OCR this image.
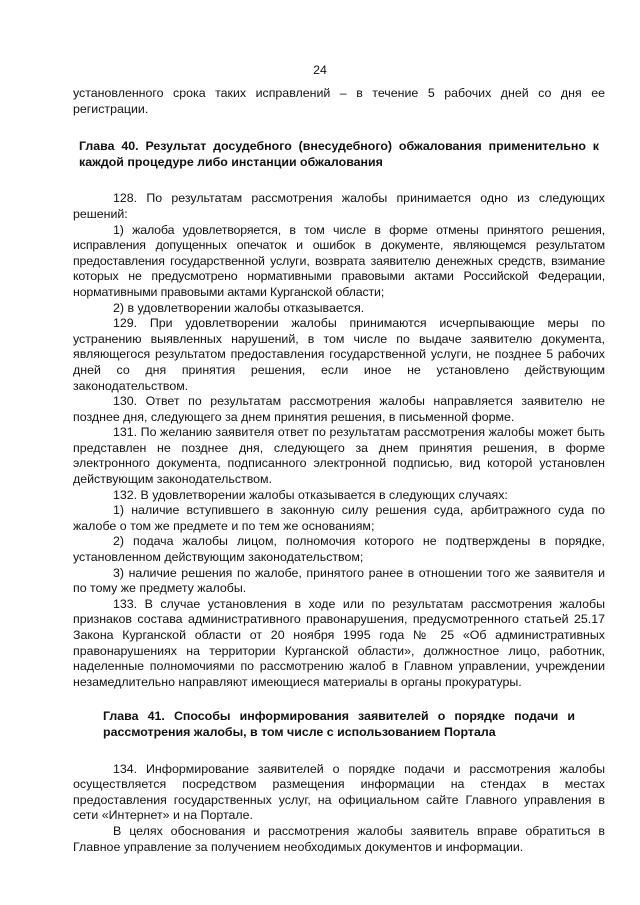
24

установленного срока таких исправлений – в течение 5 рабочих дней со дня ее регистрации.

Глава 40. Результат досудебного (внесудебного) обжалования применительно к каждой процедуре либо инстанции обжалования

128. По результатам рассмотрения жалобы принимается одно из следующих решений:

1) жалоба удовлетворяется, в том числе в форме отмены принятого решения, исправления допущенных опечаток и ошибок в документе, являющемся результатом предоставления государственной услуги, возврата заявителю денежных средств, взимание которых не предусмотрено нормативными правовыми актами Российской Федерации, нормативными правовыми актами Курганской области;

2) в удовлетворении жалобы отказывается.

129. При удовлетворении жалобы принимаются исчерпывающие меры по устранению выявленных нарушений, в том числе по выдаче заявителю документа, являющегося результатом предоставления государственной услуги, не позднее 5 рабочих дней со дня принятия решения, если иное не установлено действующим законодательством.

130. Ответ по результатам рассмотрения жалобы направляется заявителю не позднее дня, следующего за днем принятия решения, в письменной форме.

131. По желанию заявителя ответ по результатам рассмотрения жалобы может быть представлен не позднее дня, следующего за днем принятия решения, в форме электронного документа, подписанного электронной подписью, вид которой установлен действующим законодательством.

132. В удовлетворении жалобы отказывается в следующих случаях:

1) наличие вступившего в законную силу решения суда, арбитражного суда по жалобе о том же предмете и по тем же основаниям;

2) подача жалобы лицом, полномочия которого не подтверждены в порядке, установленном действующим законодательством;

3) наличие решения по жалобе, принятого ранее в отношении того же заявителя и по тому же предмету жалобы.

133. В случае установления в ходе или по результатам рассмотрения жалобы признаков состава административного правонарушения, предусмотренного статьей 25.17 Закона Курганской области от 20 ноября 1995 года № 25 «Об административных правонарушениях на территории Курганской области», должностное лицо, работник, наделенные полномочиями по рассмотрению жалоб в Главном управлении, учреждении незамедлительно направляют имеющиеся материалы в органы прокуратуры.

Глава 41. Способы информирования заявителей о порядке подачи и рассмотрения жалобы, в том числе с использованием Портала

134. Информирование заявителей о порядке подачи и рассмотрения жалобы осуществляется посредством размещения информации на стендах в местах предоставления государственных услуг, на официальном сайте Главного управления в сети «Интернет» и на Портале.

В целях обоснования и рассмотрения жалобы заявитель вправе обратиться в Главное управление за получением необходимых документов и информации.
